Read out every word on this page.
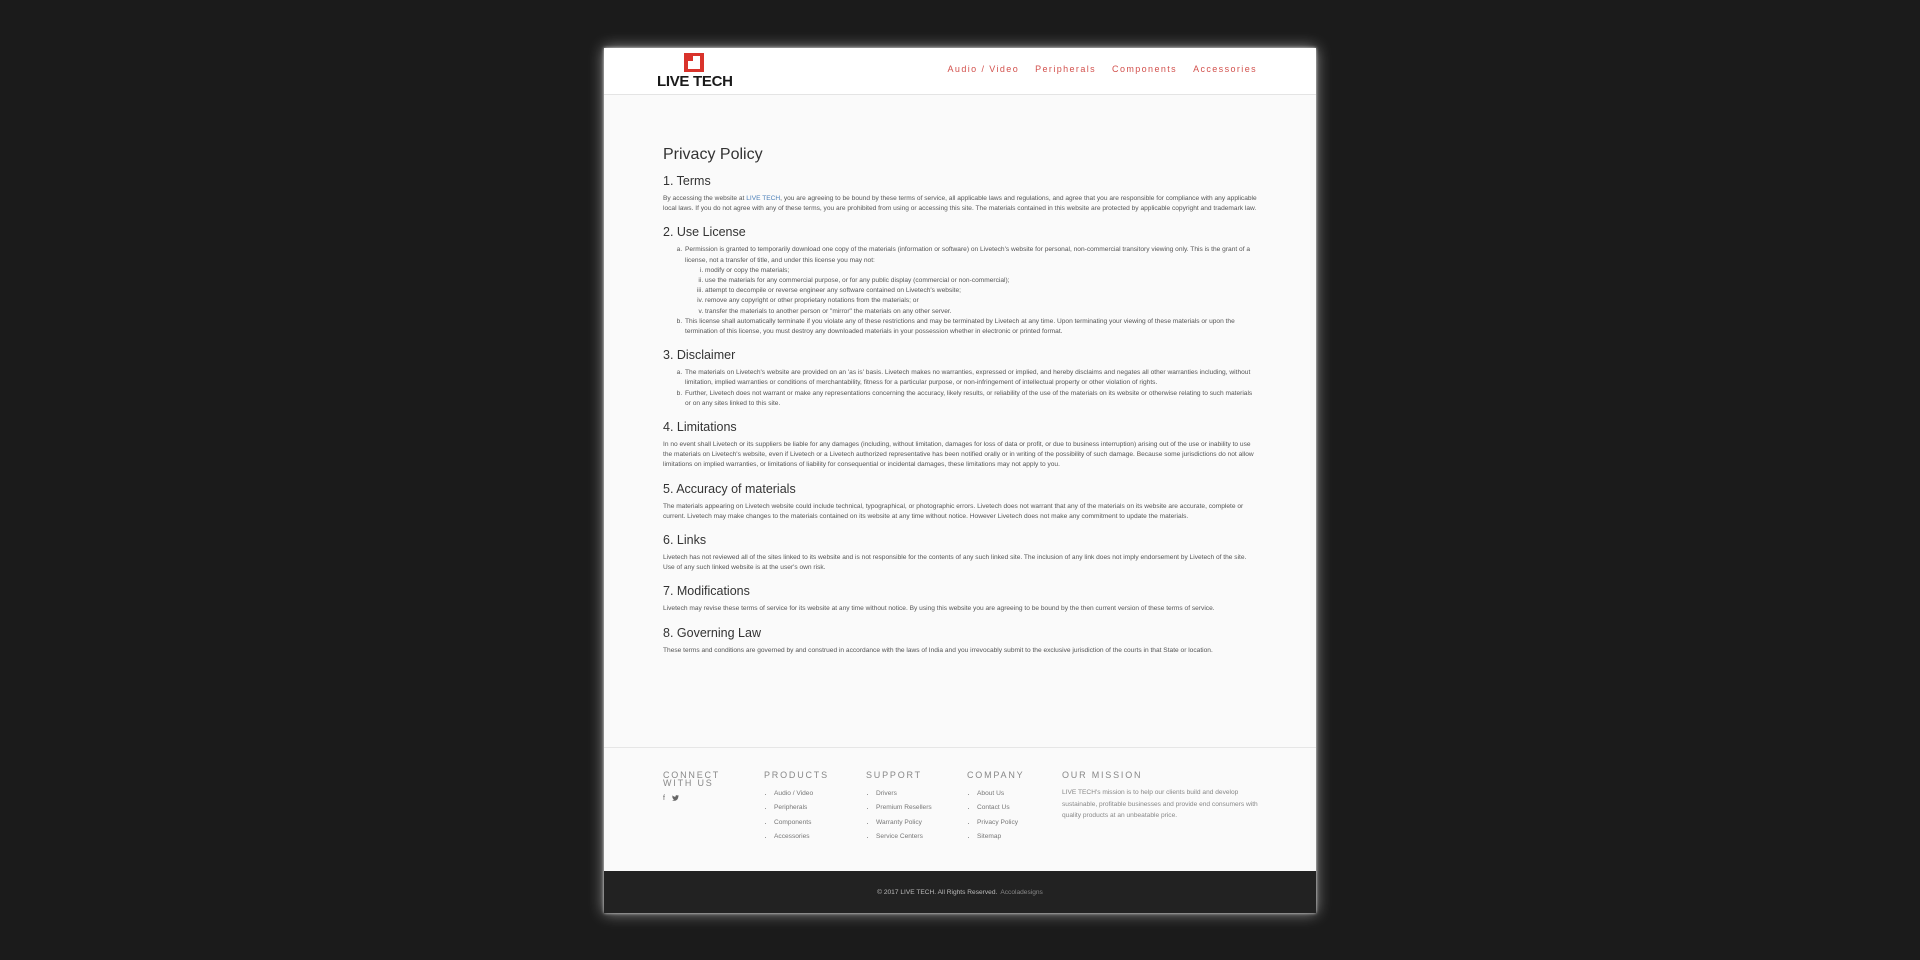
LIVE TECH
Audio / Video Peripherals Components Accessories
Privacy Policy
1. Terms

By accessing the website at LIVE TECH, you are agreeing to be bound by these terms of service, all applicable laws and regulations, and agree that you are responsible for compliance with any applicable local laws. If you do not agree with any of these terms, you are prohibited from using or accessing this site. The materials contained in this website are protected by applicable copyright and trademark law.

2. Use License
a. Permission is granted to temporarily download one copy of the materials (information or software) on Livetech's website for personal, non-commercial transitory viewing only. This is the grant of a license, not a transfer of title, and under this license you may not:
i. modify or copy the materials;
ii. use the materials for any commercial purpose, or for any public display (commercial or non-commercial);
iii. attempt to decompile or reverse engineer any software contained on Livetech's website;
iv. remove any copyright or other proprietary notations from the materials; or
v. transfer the materials to another person or "mirror" the materials on any other server.
b. This license shall automatically terminate if you violate any of these restrictions and may be terminated by Livetech at any time. Upon terminating your viewing of these materials or upon the termination of this license, you must destroy any downloaded materials in your possession whether in electronic or printed format.
3. Disclaimer
a. The materials on Livetech's website are provided on an 'as is' basis. Livetech makes no warranties, expressed or implied, and hereby disclaims and negates all other warranties including, without limitation, implied warranties or conditions of merchantability, fitness for a particular purpose, or non-infringement of intellectual property or other violation of rights.
b. Further, Livetech does not warrant or make any representations concerning the accuracy, likely results, or reliability of the use of the materials on its website or otherwise relating to such materials or on any sites linked to this site.
4. Limitations

In no event shall Livetech or its suppliers be liable for any damages (including, without limitation, damages for loss of data or profit, or due to business interruption) arising out of the use or inability to use the materials on Livetech's website, even if Livetech or a Livetech authorized representative has been notified orally or in writing of the possibility of such damage. Because some jurisdictions do not allow limitations on implied warranties, or limitations of liability for consequential or incidental damages, these limitations may not apply to you.

5. Accuracy of materials

The materials appearing on Livetech website could include technical, typographical, or photographic errors. Livetech does not warrant that any of the materials on its website are accurate, complete or current. Livetech may make changes to the materials contained on its website at any time without notice. However Livetech does not make any commitment to update the materials.

6. Links

Livetech has not reviewed all of the sites linked to its website and is not responsible for the contents of any such linked site. The inclusion of any link does not imply endorsement by Livetech of the site. Use of any such linked website is at the user's own risk.

7. Modifications

Livetech may revise these terms of service for its website at any time without notice. By using this website you are agreeing to be bound by the then current version of these terms of service.

8. Governing Law

These terms and conditions are governed by and construed in accordance with the laws of India and you irrevocably submit to the exclusive jurisdiction of the courts in that State or location.

CONNECT
WITH US
f
PRODUCTS
• Audio / Video
• Peripherals
• Components
• Accessories
SUPPORT
• Drivers
• Premium Resellers
• Warranty Policy
• Service Centers
COMPANY
• About Us
• Contact Us
• Privacy Policy
• Sitemap
OUR MISSION

LIVE TECH's mission is to help our clients build and develop sustainable, profitable businesses and provide end consumers with quality products at an unbeatable price.

© 2017 LIVE TECH. All Rights Reserved. Accoladesigns
